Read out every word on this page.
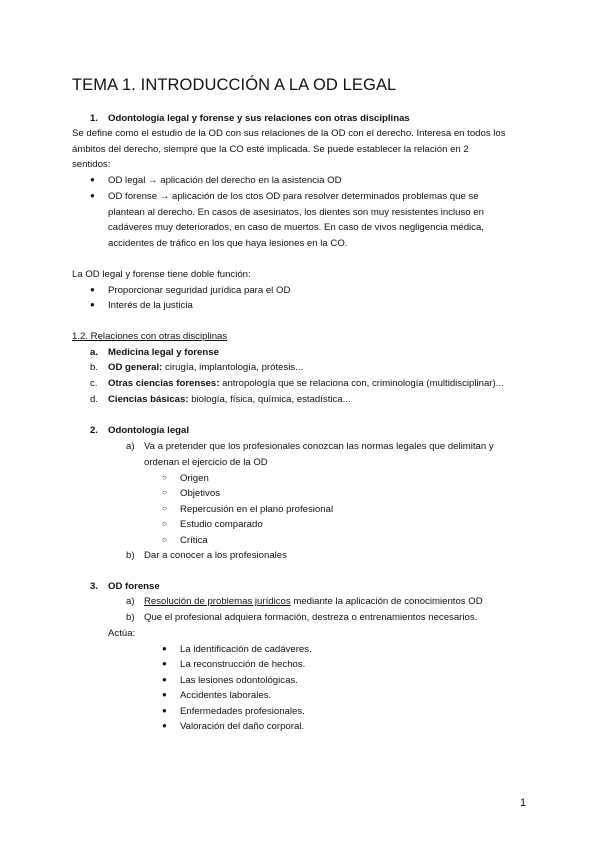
TEMA 1. INTRODUCCIÓN A LA OD LEGAL
1. Odontología legal y forense y sus relaciones con otras disciplinas
Se define como el estudio de la OD con sus relaciones de la OD con el derecho. Interesa en todos los
ámbitos del derecho, siempre que la CO esté implicada. Se puede establecer la relación en 2
sentidos:
● OD legal → aplicación del derecho en la asistencia OD
● OD forense → aplicación de los ctos OD para resolver determinados problemas que se
plantean al derecho. En casos de asesinatos, los dientes son muy resistentes incluso en
cadáveres muy deteriorados, en caso de muertos. En caso de vivos negligencia médica,
accidentes de tráfico en los que haya lesiones en la CO.
La OD legal y forense tiene doble función:
● Proporcionar seguridad jurídica para el OD
● Interés de la justicia
1.2. Relaciones con otras disciplinas
a. Medicina legal y forense
b. OD general: cirugía, implantología, prótesis...
c. Otras ciencias forenses: antropología que se relaciona con, criminología (multidisciplinar)...
d. Ciencias básicas: biología, física, química, estadística...
2. Odontología legal
a) Va a pretender que los profesionales conozcan las normas legales que delimitan y
ordenan el ejercicio de la OD
○ Origen
○ Objetivos
○ Repercusión en el plano profesional
○ Estudio comparado
○ Crítica
b) Dar a conocer a los profesionales
3. OD forense
a) Resolución de problemas jurídicos mediante la aplicación de conocimientos OD
b) Que el profesional adquiera formación, destreza o entrenamientos necesarios.
Actúa:
● La identificación de cadáveres.
● La reconstrucción de hechos.
● Las lesiones odontológicas.
● Accidentes laborales.
● Enfermedades profesionales.
● Valoración del daño corporal.
1
